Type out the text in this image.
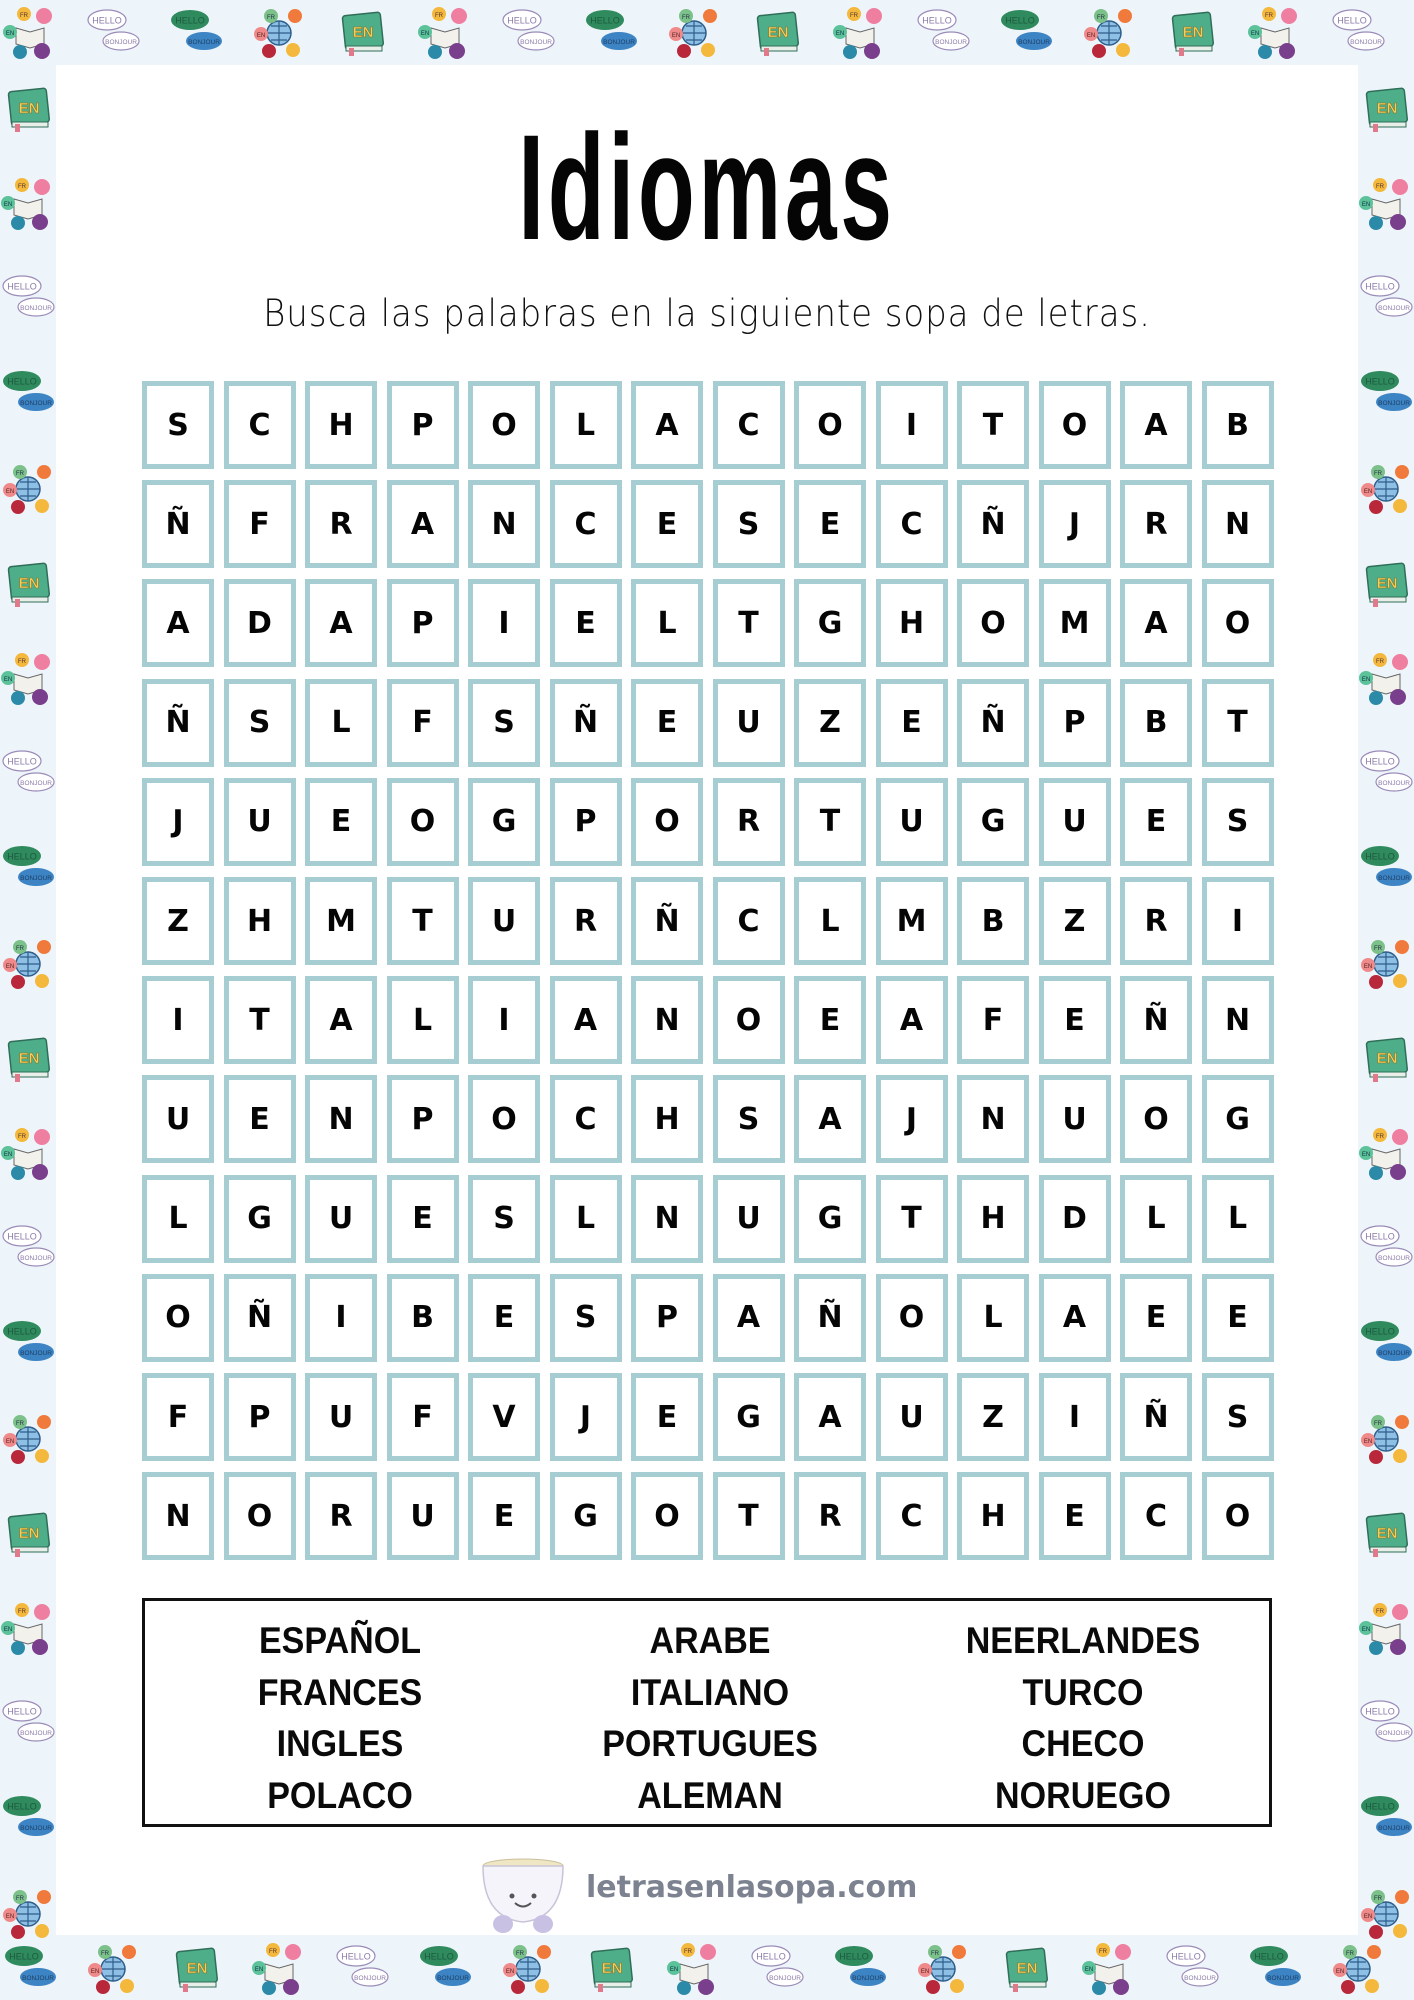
FR
EN
HELLO
BONJOUR
HELLO
BONJOUR
FR
EN	EN
FR
EN
HELLO
BONJOUR
HELLO
BONJOUR
FR
EN	EN
FR
EN
HELLO
BONJOUR
HELLO
BONJOUR
FR
EN	EN
FR
EN
HELLO
BONJOUR
HELLO
BONJOUR
FR
EN	EN
FR
EN
HELLO
BONJOUR
HELLO
BONJOUR
FR
EN	EN
FR
EN
HELLO
BONJOUR
HELLO
BONJOUR
FR
EN	EN
FR
EN
HELLO
BONJOUR
HELLO
BONJOUR
FR
EN
EN
FR
EN
HELLO
BONJOUR
HELLO
BONJOUR
FR
EN
EN
FR
EN
HELLO
BONJOUR
HELLO
BONJOUR
FR
EN
EN
FR
EN
HELLO
BONJOUR
HELLO
BONJOUR
FR
EN
EN
FR
EN
HELLO
BONJOUR
HELLO
BONJOUR
FR
EN
EN
FR
EN
HELLO
BONJOUR
HELLO
BONJOUR
FR
EN
EN
FR
EN
HELLO
BONJOUR
HELLO
BONJOUR
FR
EN
EN
FR
EN
HELLO
BONJOUR
HELLO
BONJOUR
FR
EN
EN
FR
EN
HELLO
BONJOUR
HELLO
BONJOUR
FR
EN
Idiomas

Busca las palabras en la siguiente sopa de letras.

S	C	H	P	O	L	A	C	O	I	T	O	A	B
Ñ	F	R	A	N	C	E	S	E	C	Ñ	J	R	N
A	D	A	P	I	E	L	T	G	H	O	M	A	O
Ñ	S	L	F	S	Ñ	E	U	Z	E	Ñ	P	B	T
J	U	E	O	G	P	O	R	T	U	G	U	E	S
Z	H	M	T	U	R	Ñ	C	L	M	B	Z	R	I
I	T	A	L	I	A	N	O	E	A	F	E	Ñ	N
U	E	N	P	O	C	H	S	A	J	N	U	O	G
L	G	U	E	S	L	N	U	G	T	H	D	L	L
O	Ñ	I	B	E	S	P	A	Ñ	O	L	A	E	E
F	P	U	F	V	J	E	G	A	U	Z	I	Ñ	S
N	O	R	U	E	G	O	T	R	C	H	E	C	O
ESPAÑOL
FRANCES
INGLES
POLACO
ARABE
ITALIANO
PORTUGUES
ALEMAN
NEERLANDES
TURCO
CHECO
NORUEGO
letrasenlasopa.com
